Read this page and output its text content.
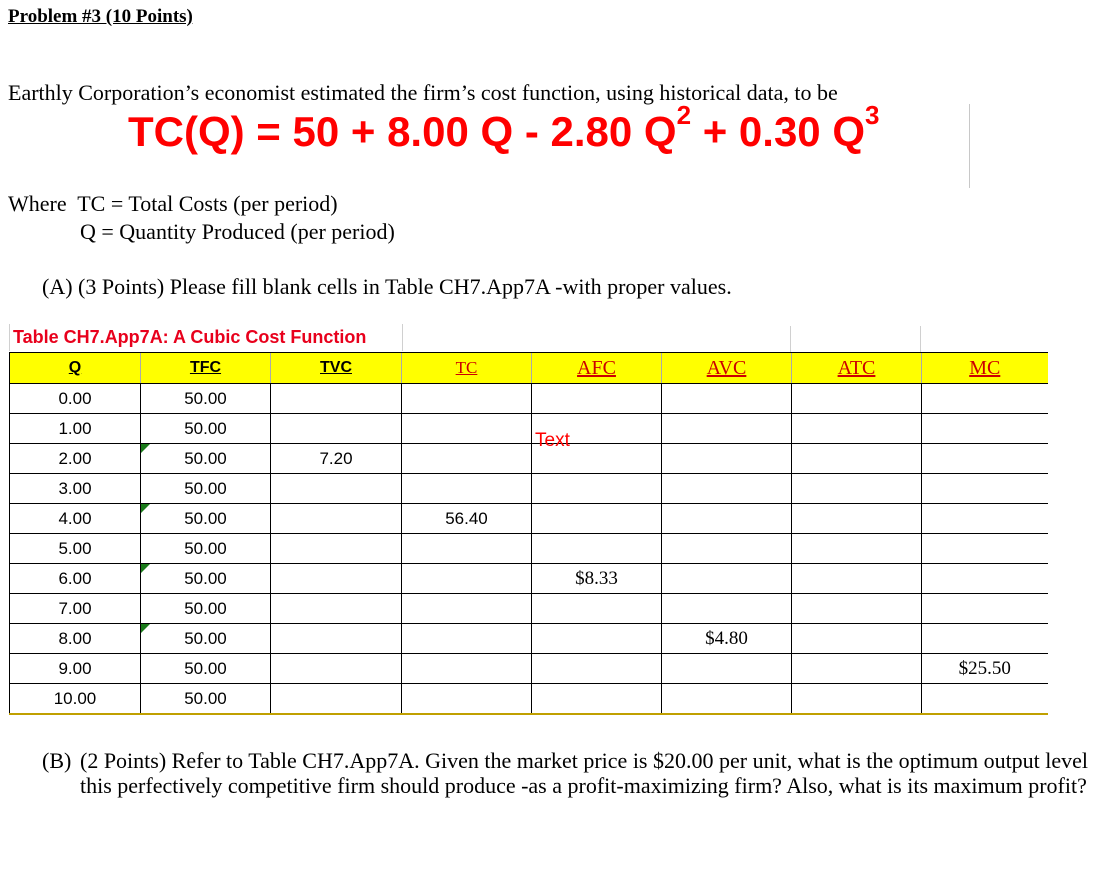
Problem #3 (10 Points)
Earthly Corporation’s economist estimated the firm’s cost function, using historical data, to be
TC(Q) = 50 + 8.00 Q - 2.80 $Q^2 + 0.30$ $Q^3$
Where  TC = Total Costs (per period)
Q = Quantity Produced (per period)
(A) (3 Points) Please fill blank cells in Table CH7.App7A -with proper values.
Table CH7.App7A: A Cubic Cost Function
Q	TFC	TVC	TC	AFC	AVC	ATC	MC
0.00	50.00						
1.00	50.00						
2.00	50.00	7.20		Text			

3.00	50.00						
4.00	50.00		56.40				
5.00	50.00						
6.00	50.00			$8.33			
7.00	50.00						
8.00	50.00				$4.80		
9.00	50.00						$25.50
10.00	50.00						
(B) (2 Points) Refer to Table CH7.App7A. Given the market price is $20.00 per unit, what is the optimum output level this perfectively competitive firm should produce -as a profit-maximizing firm? Also, what is its maximum profit?
